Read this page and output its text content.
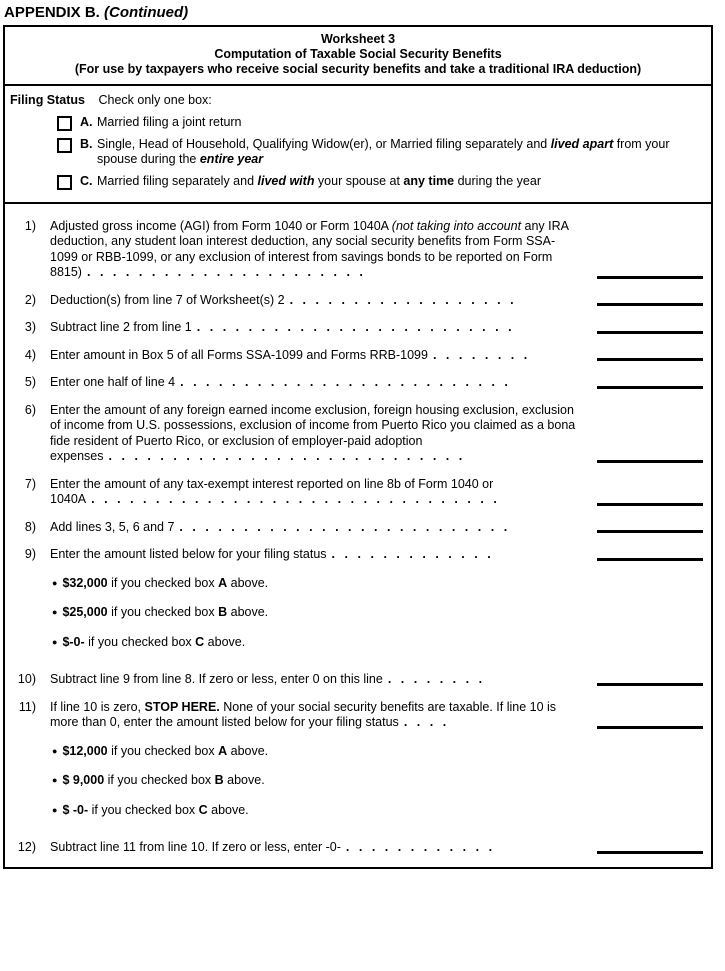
APPENDIX B. (Continued)
Worksheet 3
Computation of Taxable Social Security Benefits
(For use by taxpayers who receive social security benefits and take a traditional IRA deduction)
Filing Status Check only one box:
A. Married filing a joint return
B. Single, Head of Household, Qualifying Widow(er), or Married filing separately and lived apart from your spouse during the entire year
C. Married filing separately and lived with your spouse at any time during the year
1)	Adjusted gross income (AGI) from Form 1040 or Form 1040A (not taking into account any IRA deduction, any student loan interest deduction, any social security benefits from Form SSA-1099 or RBB-1099, or any exclusion of interest from savings bonds to be reported on Form 8815) ......................
2)	Deduction(s) from line 7 of Worksheet(s) 2 ..................
3)	Subtract line 2 from line 1 .........................
4)	Enter amount in Box 5 of all Forms SSA-1099 and Forms RRB-1099 ........
5)	Enter one half of line 4 ..........................
6)	Enter the amount of any foreign earned income exclusion, foreign housing exclusion, exclusion of income from U.S. possessions, exclusion of income from Puerto Rico you claimed as a bona fide resident of Puerto Rico, or exclusion of employer-paid adoption expenses ............................
7)	Enter the amount of any tax-exempt interest reported on line 8b of Form 1040 or 1040A ................................
8)	Add lines 3, 5, 6 and 7 ..........................
9)	Enter the amount listed below for your filing status .............
● $32,000 if you checked box A above.
● $25,000 if you checked box B above.
● $-0- if you checked box C above.
10)	Subtract line 9 from line 8. If zero or less, enter 0 on this line ........
11)	If line 10 is zero, STOP HERE. None of your social security benefits are taxable. If line 10 is more than 0, enter the amount listed below for your filing status ....
● $12,000 if you checked box A above.
● $ 9,000 if you checked box B above.
● $ -0- if you checked box C above.
12)	Subtract line 11 from line 10. If zero or less, enter -0- ............
